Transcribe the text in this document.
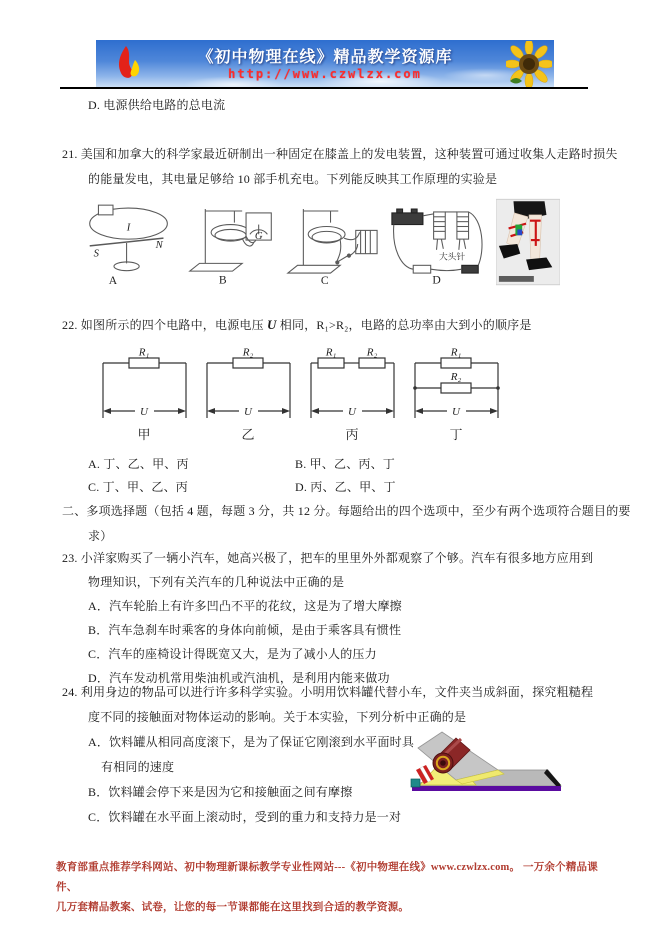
《初中物理在线》精品教学资源库
http://www.czwlzx.com
D. 电源供给电路的总电流
21. 美国和加拿大的科学家最近研制出一种固定在膝盖上的发电装置，这种装置可通过收集人走路时损失的能量发电，其电量足够给 10 部手机充电。下列能反映其工作原理的实验是
I
S
N
A
G
B	C
大头针
D
22. 如图所示的四个电路中，电源电压 U 相同，R₁>R₂，电路的总功率由大到小的顺序是
R₁
U
甲
R₂
U
乙
R₁	R₂
U
丙
R₁
R₂
U
丁
A. 丁、乙、甲、丙	B. 甲、乙、丙、丁
C. 丁、甲、乙、丙	D. 丙、乙、甲、丁
二、多项选择题（包括 4 题，每题 3 分，共 12 分。每题给出的四个选项中，至少有两个选项符合题目的要求）
23. 小洋家购买了一辆小汽车，她高兴极了，把车的里里外外都观察了个够。汽车有很多地方应用到物理知识，下列有关汽车的几种说法中正确的是
A．汽车轮胎上有许多凹凸不平的花纹，这是为了增大摩擦
B．汽车急刹车时乘客的身体向前倾，是由于乘客具有惯性
C．汽车的座椅设计得既宽又大，是为了减小人的压力
D．汽车发动机常用柴油机或汽油机，是利用内能来做功
24. 利用身边的物品可以进行许多科学实验。小明用饮料罐代替小车，文件夹当成斜面，探究粗糙程度不同的接触面对物体运动的影响。关于本实验，下列分析中正确的是
A．饮料罐从相同高度滚下，是为了保证它刚滚到水平面时具有相同的速度
B．饮料罐会停下来是因为它和接触面之间有摩擦
C．饮料罐在水平面上滚动时，受到的重力和支持力是一对
教育部重点推荐学科网站、初中物理新课标教学专业性网站---《初中物理在线》www.czwlzx.com。 一万余个精品课件、
几万套精品教案、试卷，让您的每一节课都能在这里找到合适的教学资源。
